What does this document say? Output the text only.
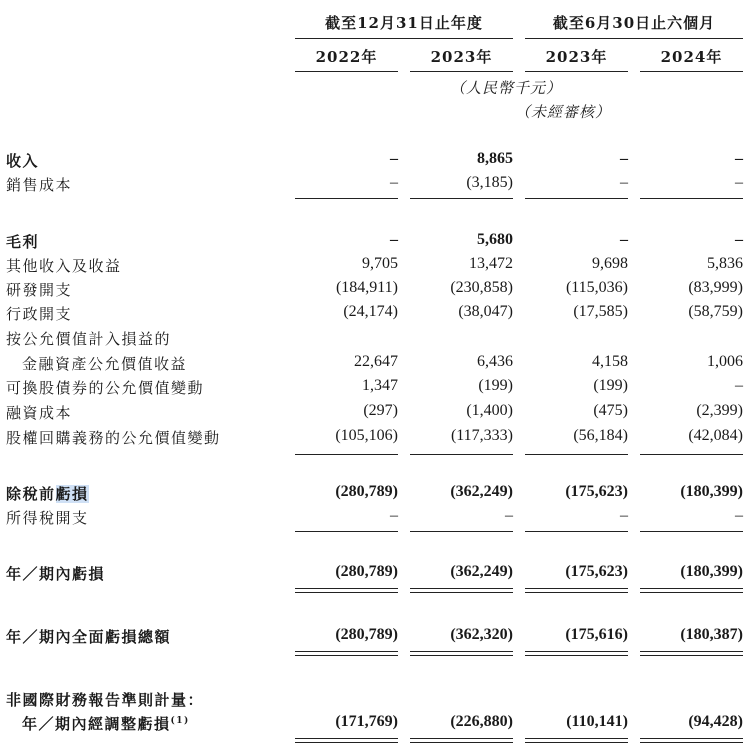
截至12月31日止年度	截至6月30日止六個月
2022年	2023年	2023年	2024年
（人民幣千元）
（未經審核）
收入	–	8,865	–	–
銷售成本	–	(3,185)	–	–
毛利	–	5,680	–	–
其他收入及收益	9,705	13,472	9,698	5,836
研發開支	(184,911)	(230,858)	(115,036)	(83,999)
行政開支	(24,174)	(38,047)	(17,585)	(58,759)
按公允價值計入損益的
金融資產公允價值收益	22,647	6,436	4,158	1,006
可換股債券的公允價值變動	1,347	(199)	(199)	–
融資成本	(297)	(1,400)	(475)	(2,399)
股權回購義務的公允價值變動	(105,106)	(117,333)	(56,184)	(42,084)
除稅前虧損	(280,789)	(362,249)	(175,623)	(180,399)
所得稅開支	–	–	–	–
年／期內虧損	(280,789)	(362,249)	(175,623)	(180,399)
年／期內全面虧損總額	(280,789)	(362,320)	(175,616)	(180,387)
非國際財務報告準則計量：
年／期內經調整虧損$^{(1)}$	(171,769)	(226,880)	(110,141)	(94,428)
